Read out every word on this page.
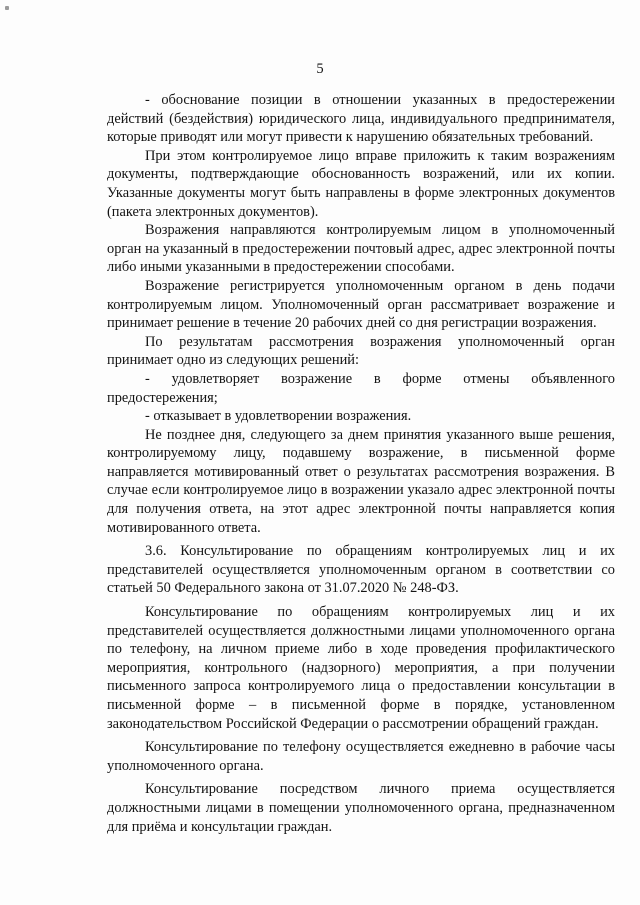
5

- обоснование позиции в отношении указанных в предостережении действий (бездействия) юридического лица, индивидуального предпринимателя, которые приводят или могут привести к нарушению обязательных требований.

При этом контролируемое лицо вправе приложить к таким возражениям документы, подтверждающие обоснованность возражений, или их копии. Указанные документы могут быть направлены в форме электронных документов (пакета электронных документов).

Возражения направляются контролируемым лицом в уполномоченный орган на указанный в предостережении почтовый адрес, адрес электронной почты либо иными указанными в предостережении способами.

Возражение регистрируется уполномоченным органом в день подачи контролируемым лицом. Уполномоченный орган рассматривает возражение и принимает решение в течение 20 рабочих дней со дня регистрации возражения.

По результатам рассмотрения возражения уполномоченный орган принимает одно из следующих решений:

- удовлетворяет возражение в форме отмены объявленного предостережения;

- отказывает в удовлетворении возражения.

Не позднее дня, следующего за днем принятия указанного выше решения, контролируемому лицу, подавшему возражение, в письменной форме направляется мотивированный ответ о результатах рассмотрения возражения. В случае если контролируемое лицо в возражении указало адрес электронной почты для получения ответа, на этот адрес электронной почты направляется копия мотивированного ответа.

3.6. Консультирование по обращениям контролируемых лиц и их представителей осуществляется уполномоченным органом в соответствии со статьей 50 Федерального закона от 31.07.2020 № 248-ФЗ.

Консультирование по обращениям контролируемых лиц и их представителей осуществляется должностными лицами уполномоченного органа по телефону, на личном приеме либо в ходе проведения профилактического мероприятия, контрольного (надзорного) мероприятия, а при получении письменного запроса контролируемого лица о предоставлении консультации в письменной форме – в письменной форме в порядке, установленном законодательством Российской Федерации о рассмотрении обращений граждан.

Консультирование по телефону осуществляется ежедневно в рабочие часы уполномоченного органа.

Консультирование посредством личного приема осуществляется должностными лицами в помещении уполномоченного органа, предназначенном для приёма и консультации граждан.
